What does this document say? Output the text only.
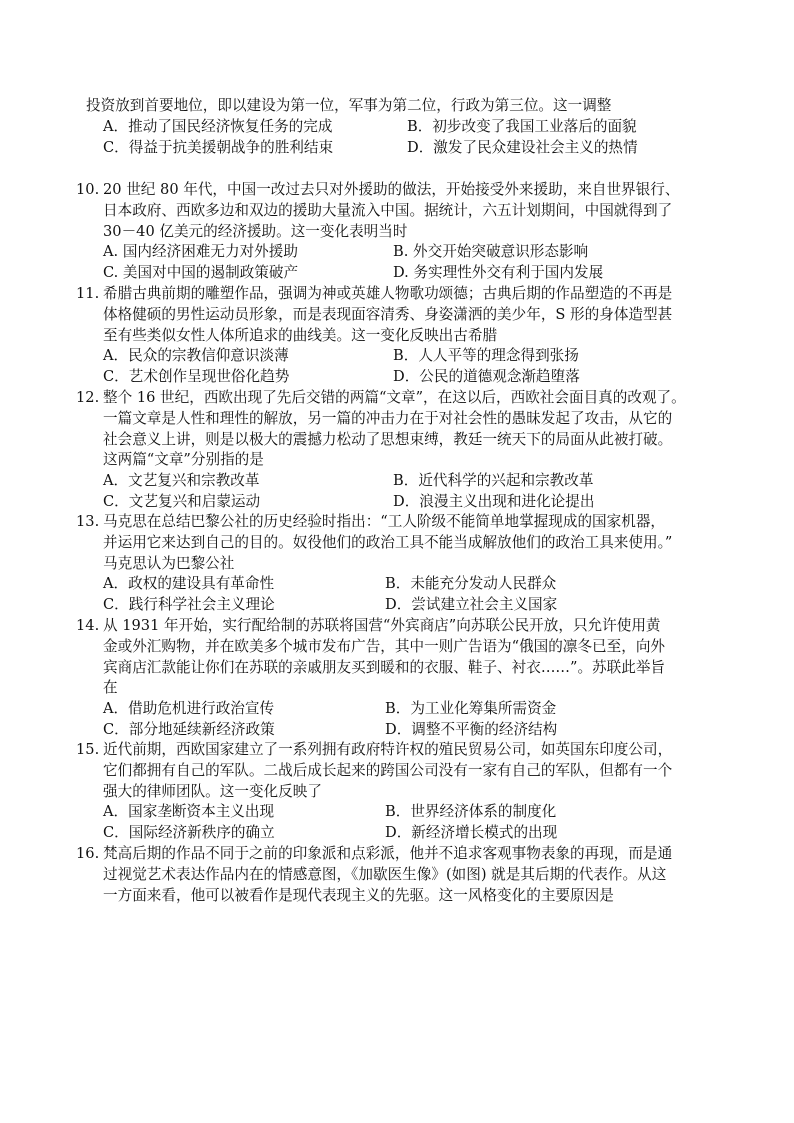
投资放到首要地位，即以建设为第一位，军事为第二位，行政为第三位。这一调整
A．推动了国民经济恢复任务的完成	B．初步改变了我国工业落后的面貌
C．得益于抗美援朝战争的胜利结束	D．激发了民众建设社会主义的热情
10. 20 世纪 80 年代，中国一改过去只对外援助的做法，开始接受外来援助，来自世界银行、
日本政府、西欧多边和双边的援助大量流入中国。据统计，六五计划期间，中国就得到了
30－40 亿美元的经济援助。这一变化表明当时
A. 国内经济困难无力对外援助	B. 外交开始突破意识形态影响
C. 美国对中国的遏制政策破产	D. 务实理性外交有利于国内发展
11. 希腊古典前期的雕塑作品，强调为神或英雄人物歌功颂德；古典后期的作品塑造的不再是
体格健硕的男性运动员形象，而是表现面容清秀、身姿潇洒的美少年，S 形的身体造型甚
至有些类似女性人体所追求的曲线美。这一变化反映出古希腊
A．民众的宗教信仰意识淡薄	B．人人平等的理念得到张扬
C．艺术创作呈现世俗化趋势	D．公民的道德观念渐趋堕落
12. 整个 16 世纪，西欧出现了先后交错的两篇“文章”，在这以后，西欧社会面目真的改观了。
一篇文章是人性和理性的解放，另一篇的冲击力在于对社会性的愚昧发起了攻击，从它的
社会意义上讲，则是以极大的震撼力松动了思想束缚，教廷一统天下的局面从此被打破。
这两篇“文章”分别指的是
A．文艺复兴和宗教改革	B．近代科学的兴起和宗教改革
C．文艺复兴和启蒙运动	D．浪漫主义出现和进化论提出
13. 马克思在总结巴黎公社的历史经验时指出：“工人阶级不能简单地掌握现成的国家机器，
并运用它来达到自己的目的。奴役他们的政治工具不能当成解放他们的政治工具来使用。”
马克思认为巴黎公社
A．政权的建设具有革命性	B．未能充分发动人民群众
C．践行科学社会主义理论	D．尝试建立社会主义国家
14. 从 1931 年开始，实行配给制的苏联将国营“外宾商店”向苏联公民开放，只允许使用黄
金或外汇购物，并在欧美多个城市发布广告，其中一则广告语为“俄国的凛冬已至，向外
宾商店汇款能让你们在苏联的亲戚朋友买到暖和的衣服、鞋子、衬衣……”。苏联此举旨
在
A．借助危机进行政治宣传	B．为工业化筹集所需资金
C．部分地延续新经济政策	D．调整不平衡的经济结构
15. 近代前期，西欧国家建立了一系列拥有政府特许权的殖民贸易公司，如英国东印度公司，
它们都拥有自己的军队。二战后成长起来的跨国公司没有一家有自己的军队，但都有一个
强大的律师团队。这一变化反映了
A．国家垄断资本主义出现	B．世界经济体系的制度化
C．国际经济新秩序的确立	D．新经济增长模式的出现
16. 梵高后期的作品不同于之前的印象派和点彩派，他并不追求客观事物表象的再现，而是通
过视觉艺术表达作品内在的情感意图，《加歇医生像》(如图) 就是其后期的代表作。从这
一方面来看，他可以被看作是现代表现主义的先驱。这一风格变化的主要原因是
